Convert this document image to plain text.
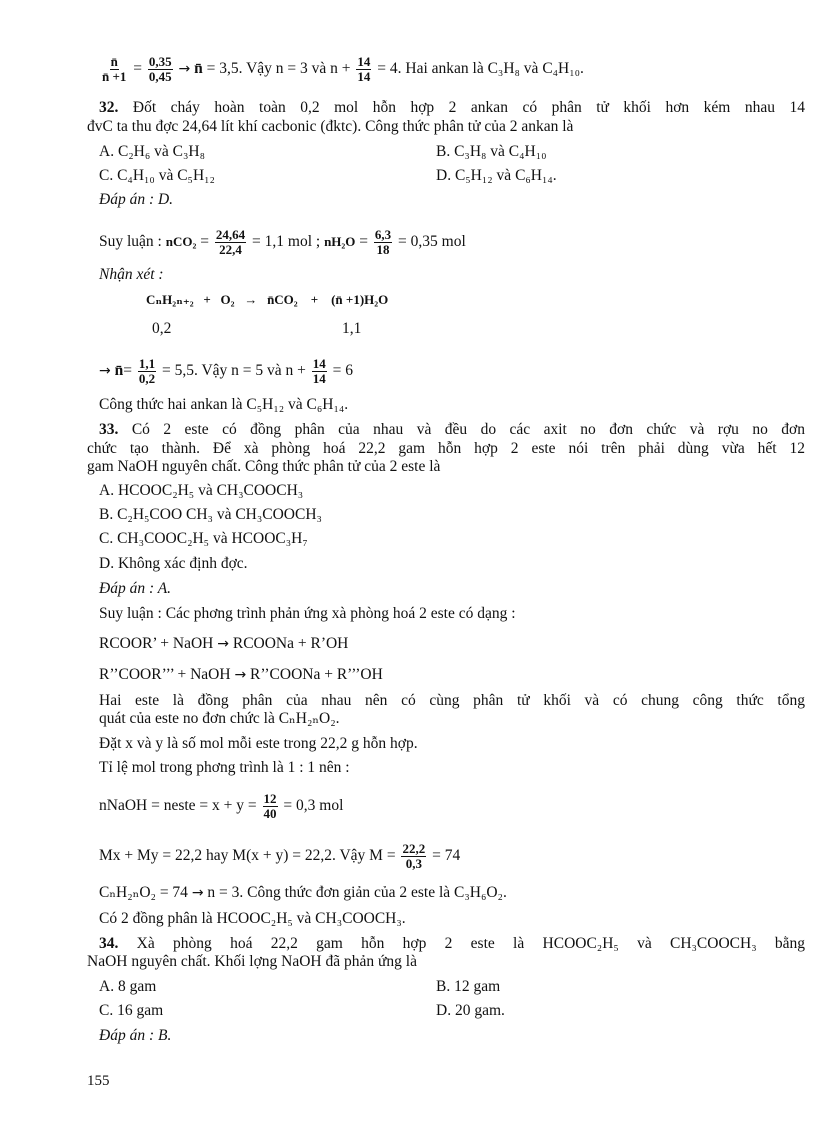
$\frac{n̄}{n̄ +1} = \frac{0,35}{0,45}$ → n̄ = 3,5. Vậy n = 3 và $n + \frac{14}{14} = 4$. Hai ankan là C₃H₈ và C₄H₁₀.
32. Đốt cháy hoàn toàn 0,2 mol hỗn hợp 2 ankan có phân tử khối hơn kém nhau 14
đvC ta thu đợc 24,64 lít khí cacbonic (đktc). Công thức phân tử của 2 ankan là
A. C₂H₆ và C₃H₈	B. C₃H₈ và C₄H₁₀
C. C₄H₁₀ và C₅H₁₂	D. C₅H₁₂ và C₆H₁₄.
Đáp án : D.
Suy luận : $nCO_2 = \frac{24,64}{22,4} = 1,1$ mol ; $nH_2O = \frac{6,3}{18} = 0,35$ mol
Nhận xét :
CₙH₂ₙ₊₂   +   O₂   →   n̄CO₂    +    (n̄ +1)H₂O
0,2	1,1
→ n̄= $\frac{1,1}{0,2} = 5,5$. Vậy n = 5 và $n + \frac{14}{14} = 6$
Công thức hai ankan là C₅H₁₂ và C₆H₁₄.
33. Có 2 este có đồng phân của nhau và đều do các axit no đơn chức và rợu no đơn
chức tạo thành. Để xà phòng hoá 22,2 gam hỗn hợp 2 este nói trên phải dùng vừa hết 12
gam NaOH nguyên chất. Công thức phân tử của 2 este là
A. HCOOC₂H₅ và CH₃COOCH₃
B. C₂H₅COO CH₃ và CH₃COOCH₃
C. CH₃COOC₂H₅ và HCOOC₃H₇
D. Không xác định đợc.
Đáp án : A.
Suy luận : Các phơng trình phản ứng xà phòng hoá 2 este có dạng :
RCOOR’ + NaOH → RCOONa + R’OH
R’’COOR’’’ + NaOH → R’’COONa + R’’’OH
Hai este là đồng phân của nhau nên có cùng phân tử khối và có chung công thức tổng
quát của este no đơn chức là CₙH₂ₙO₂.
Đặt x và y là số mol mỗi este trong 22,2 g hỗn hợp.
Tỉ lệ mol trong phơng trình là 1 : 1 nên :
nNaOH = neste = $x + y = \frac{12}{40} = 0,3$ mol
Mx + My = 22,2 hay M(x + y) = 22,2. Vậy $M = \frac{22,2}{0,3} = 74$
CₙH₂ₙO₂ = 74 → n = 3. Công thức đơn giản của 2 este là C₃H₆O₂.
Có 2 đồng phân là HCOOC₂H₅ và CH₃COOCH₃.
34. Xà phòng hoá 22,2 gam hỗn hợp 2 este là HCOOC₂H₅ và CH₃COOCH₃ bằng
NaOH nguyên chất. Khối lợng NaOH đã phản ứng là
A. 8 gam	B. 12 gam
C. 16 gam	D. 20 gam.
Đáp án : B.
155
